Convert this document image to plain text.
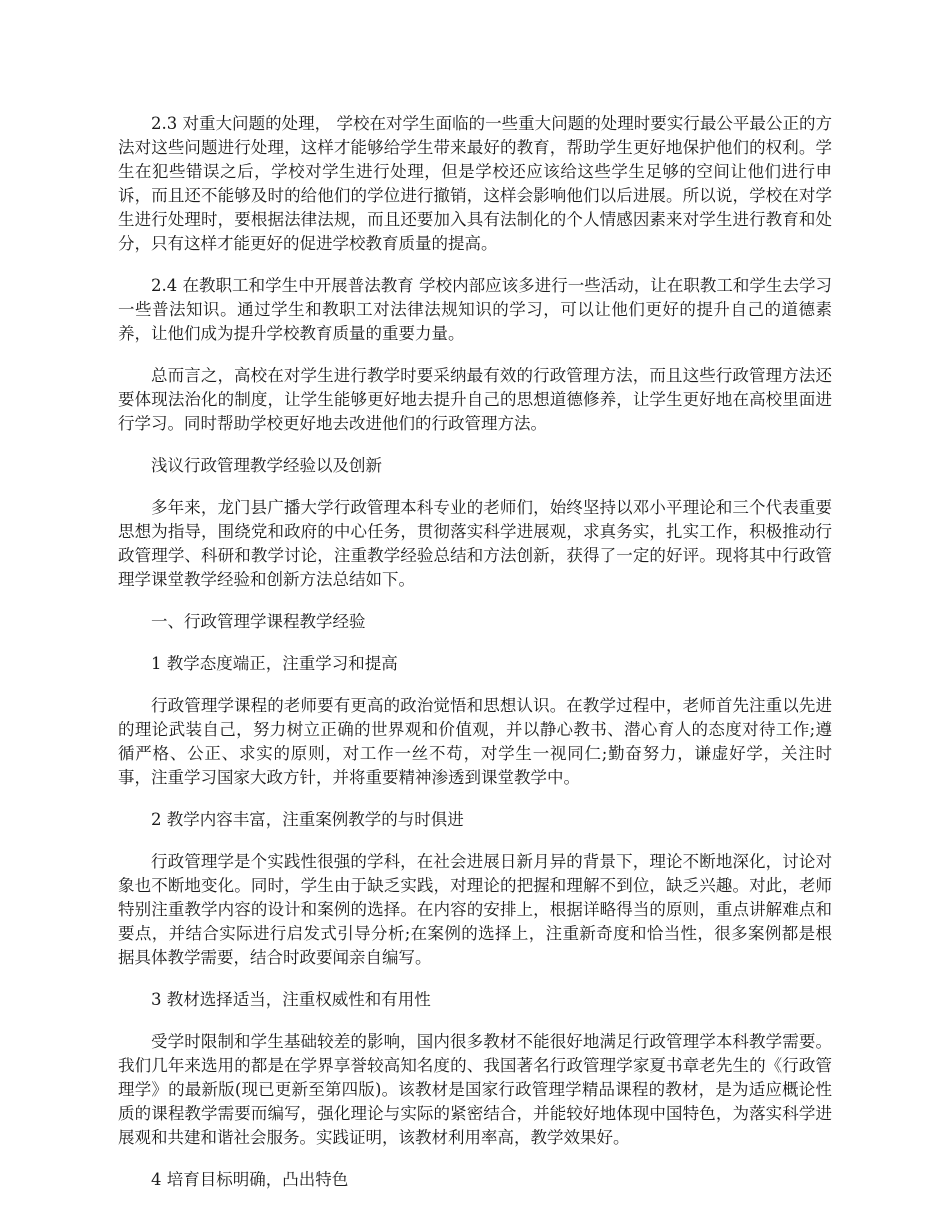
2.3 对重大问题的处理， 学校在对学生面临的一些重大问题的处理时要实行最公平最公正的方法对这些问题进行处理，这样才能够给学生带来最好的教育，帮助学生更好地保护他们的权利。学生在犯些错误之后，学校对学生进行处理，但是学校还应该给这些学生足够的空间让他们进行申诉，而且还不能够及时的给他们的学位进行撤销，这样会影响他们以后进展。所以说，学校在对学生进行处理时，要根据法律法规，而且还要加入具有法制化的个人情感因素来对学生进行教育和处分，只有这样才能更好的促进学校教育质量的提高。

2.4 在教职工和学生中开展普法教育 学校内部应该多进行一些活动，让在职教工和学生去学习一些普法知识。通过学生和教职工对法律法规知识的学习，可以让他们更好的提升自己的道德素养，让他们成为提升学校教育质量的重要力量。

总而言之，高校在对学生进行教学时要采纳最有效的行政管理方法，而且这些行政管理方法还要体现法治化的制度，让学生能够更好地去提升自己的思想道德修养，让学生更好地在高校里面进行学习。同时帮助学校更好地去改进他们的行政管理方法。

浅议行政管理教学经验以及创新

多年来，龙门县广播大学行政管理本科专业的老师们，始终坚持以邓小平理论和三个代表重要思想为指导，围绕党和政府的中心任务，贯彻落实科学进展观，求真务实，扎实工作，积极推动行政管理学、科研和教学讨论，注重教学经验总结和方法创新，获得了一定的好评。现将其中行政管理学课堂教学经验和创新方法总结如下。

一、行政管理学课程教学经验

1 教学态度端正，注重学习和提高

行政管理学课程的老师要有更高的政治觉悟和思想认识。在教学过程中，老师首先注重以先进的理论武装自己，努力树立正确的世界观和价值观，并以静心教书、潜心育人的态度对待工作;遵循严格、公正、求实的原则，对工作一丝不苟，对学生一视同仁;勤奋努力，谦虚好学，关注时事，注重学习国家大政方针，并将重要精神渗透到课堂教学中。

2 教学内容丰富，注重案例教学的与时俱进

行政管理学是个实践性很强的学科，在社会进展日新月异的背景下，理论不断地深化，讨论对象也不断地变化。同时，学生由于缺乏实践，对理论的把握和理解不到位，缺乏兴趣。对此，老师特别注重教学内容的设计和案例的选择。在内容的安排上，根据详略得当的原则，重点讲解难点和要点，并结合实际进行启发式引导分析;在案例的选择上，注重新奇度和恰当性，很多案例都是根据具体教学需要，结合时政要闻亲自编写。

3 教材选择适当，注重权威性和有用性

受学时限制和学生基础较差的影响，国内很多教材不能很好地满足行政管理学本科教学需要。我们几年来选用的都是在学界享誉较高知名度的、我国著名行政管理学家夏书章老先生的《行政管理学》的最新版(现已更新至第四版)。该教材是国家行政管理学精品课程的教材，是为适应概论性质的课程教学需要而编写，强化理论与实际的紧密结合，并能较好地体现中国特色，为落实科学进展观和共建和谐社会服务。实践证明，该教材利用率高，教学效果好。

4 培育目标明确，凸出特色
